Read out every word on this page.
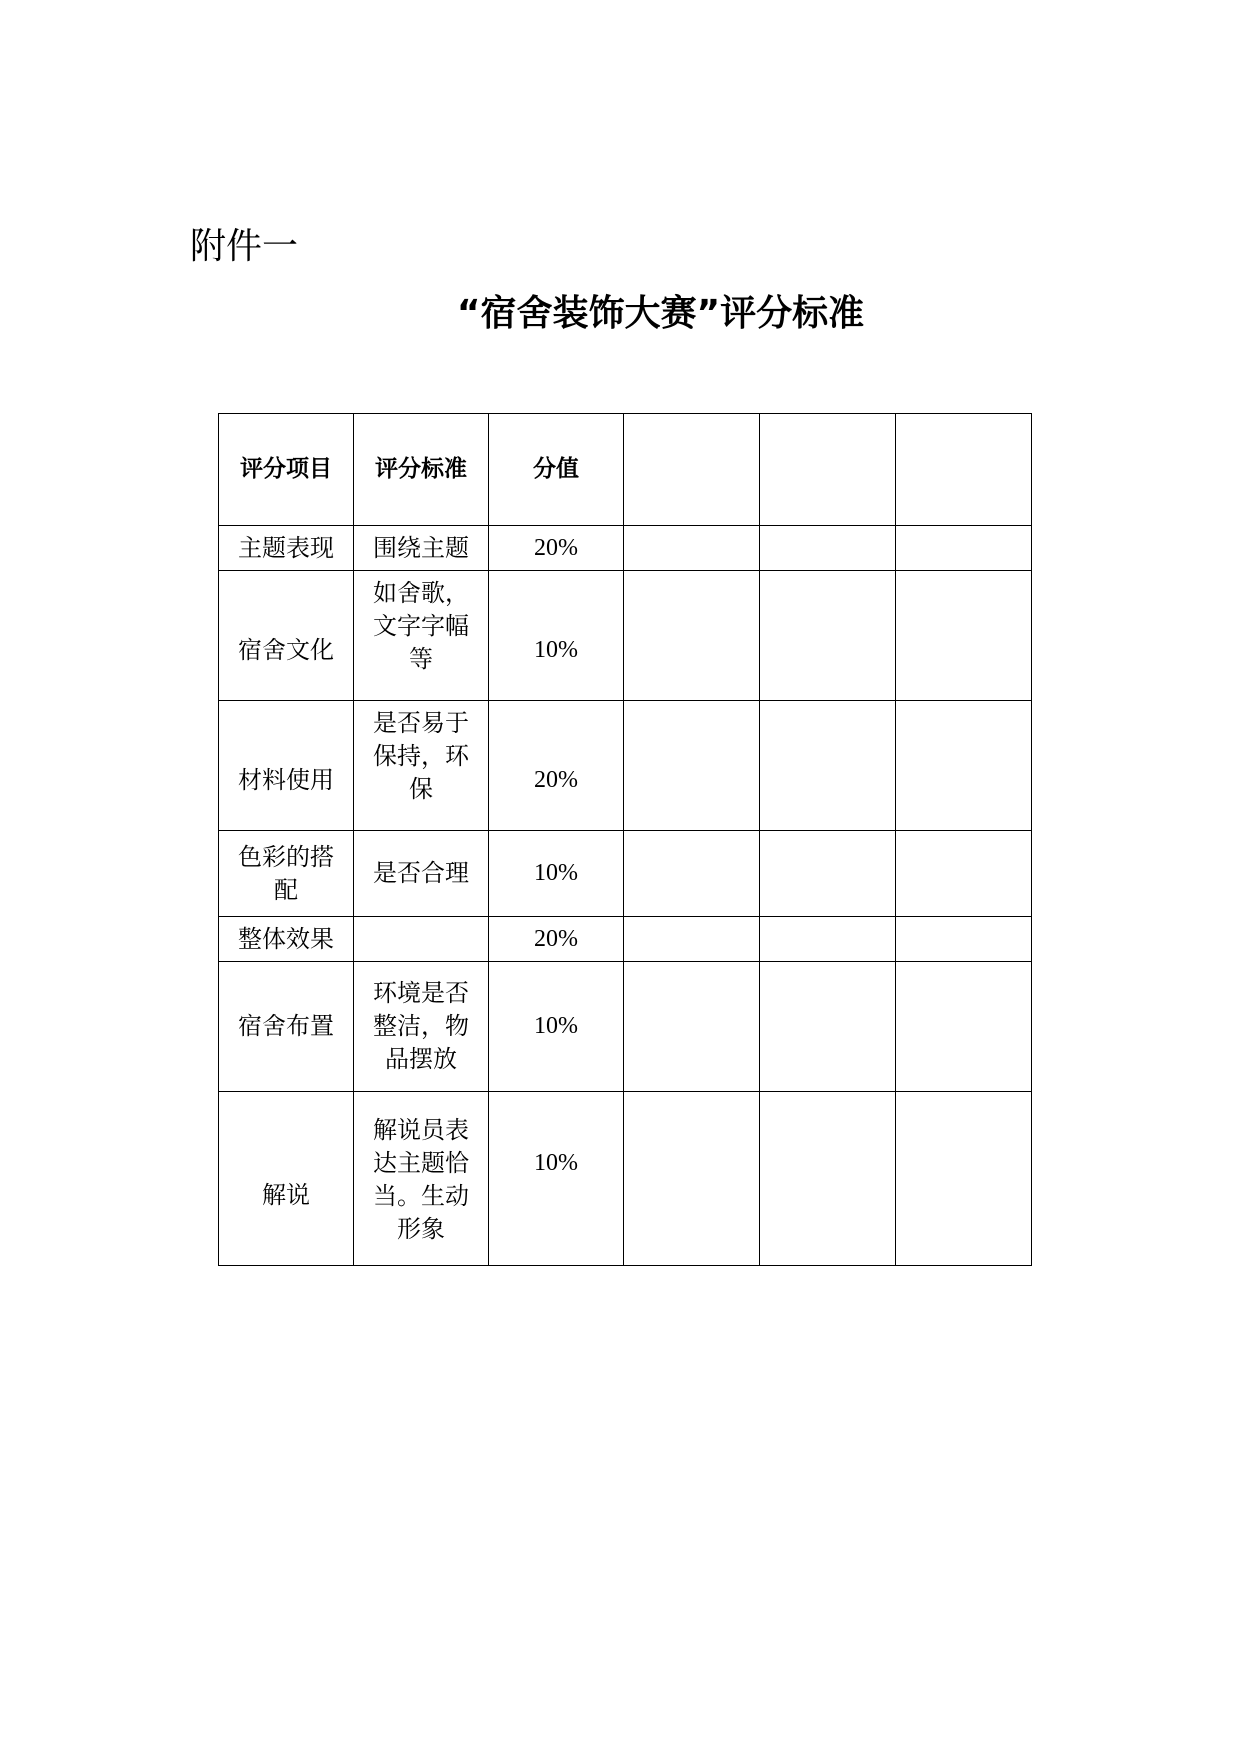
附件一
“宿舍装饰大赛”评分标准
评分项目	评分标准	分值			
主题表现	围绕主题	20%			
宿舍文化	如舍歌，文字字幅等	10%			
材料使用	是否易于保持，环保	20%			
色彩的搭配	是否合理	10%			
整体效果		20%			
宿舍布置	环境是否整洁，物品摆放	10%			
解说	解说员表达主题恰当。生动形象	10%			
